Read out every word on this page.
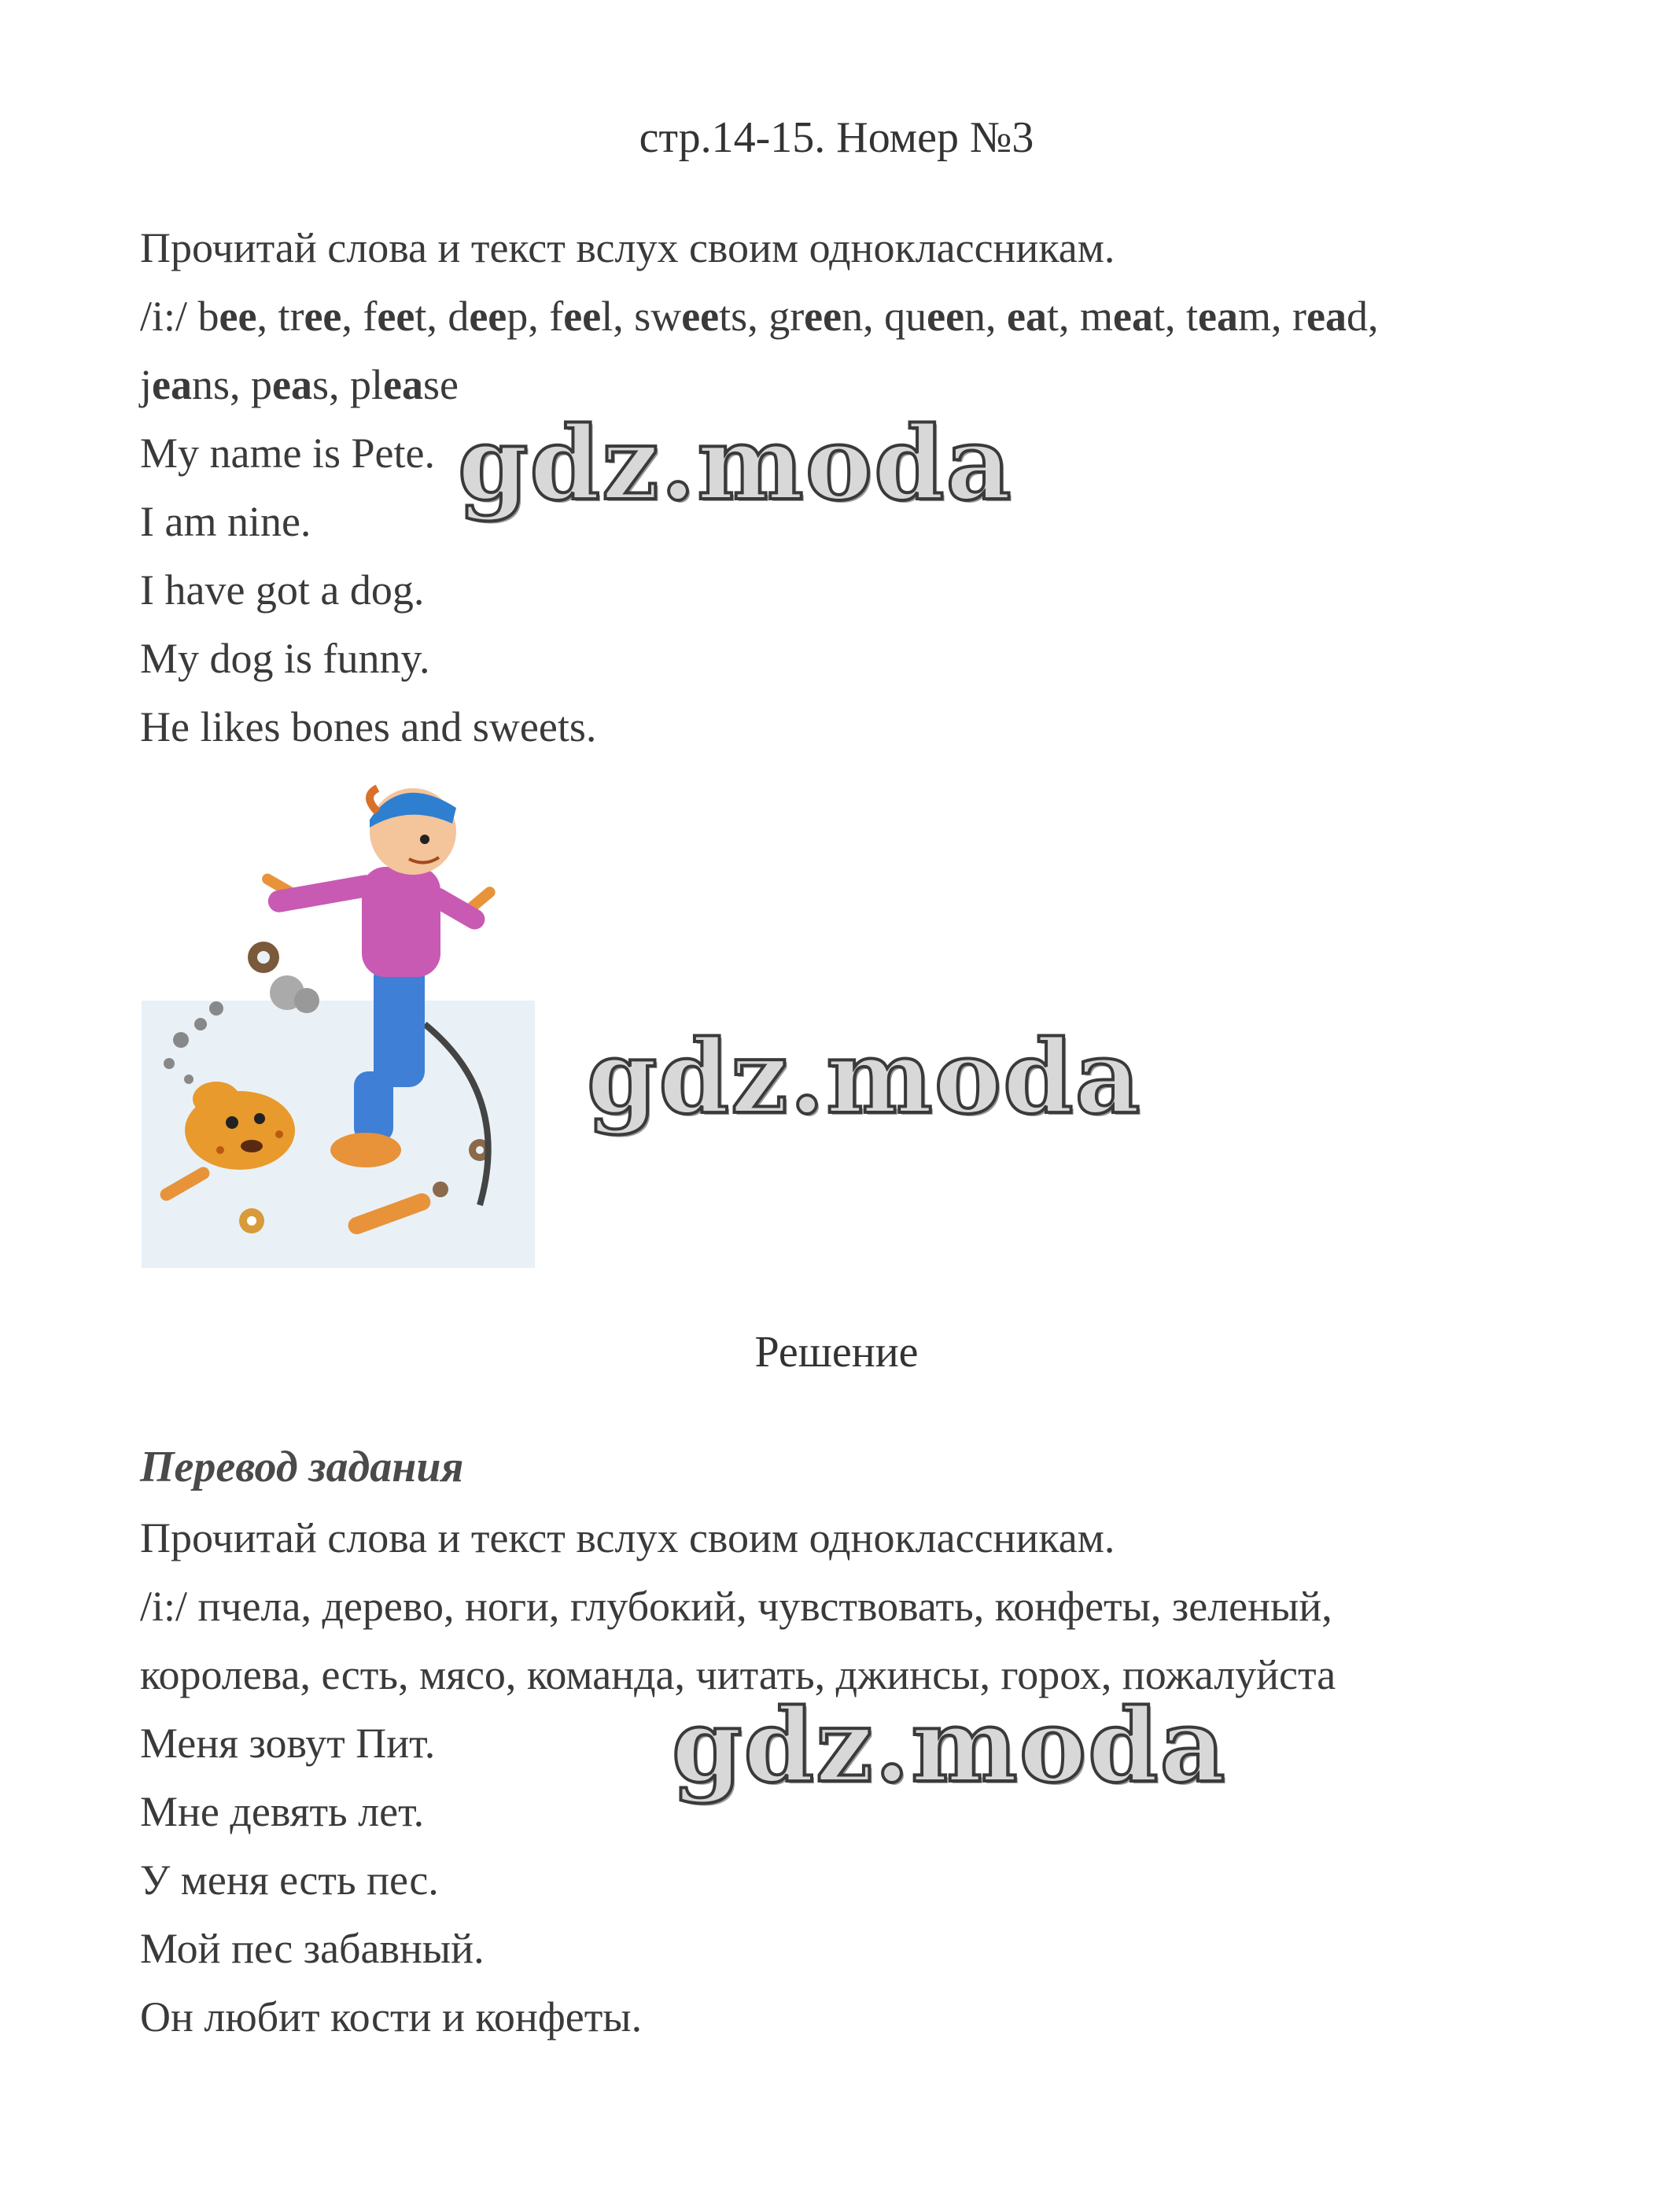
стр.14-15. Номер №3
Прочитай слова и текст вслух своим одноклассникам.
/i:/ bee, tree, feet, deep, feel, sweets, green, queen, eat, meat, team, read,
jeans, peas, please
My name is Pete.
I am nine.
I have got a dog.
My dog is funny.
He likes bones and sweets.
Решение
Перевод задания
Прочитай слова и текст вслух своим одноклассникам.
/i:/ пчела, дерево, ноги, глубокий, чувствовать, конфеты, зеленый,
королева, есть, мясо, команда, читать, джинсы, горох, пожалуйста
Меня зовут Пит.
Мне девять лет.
У меня есть пес.
Мой пес забавный.
Он любит кости и конфеты.
gdz.moda
gdz.moda
gdz.moda
